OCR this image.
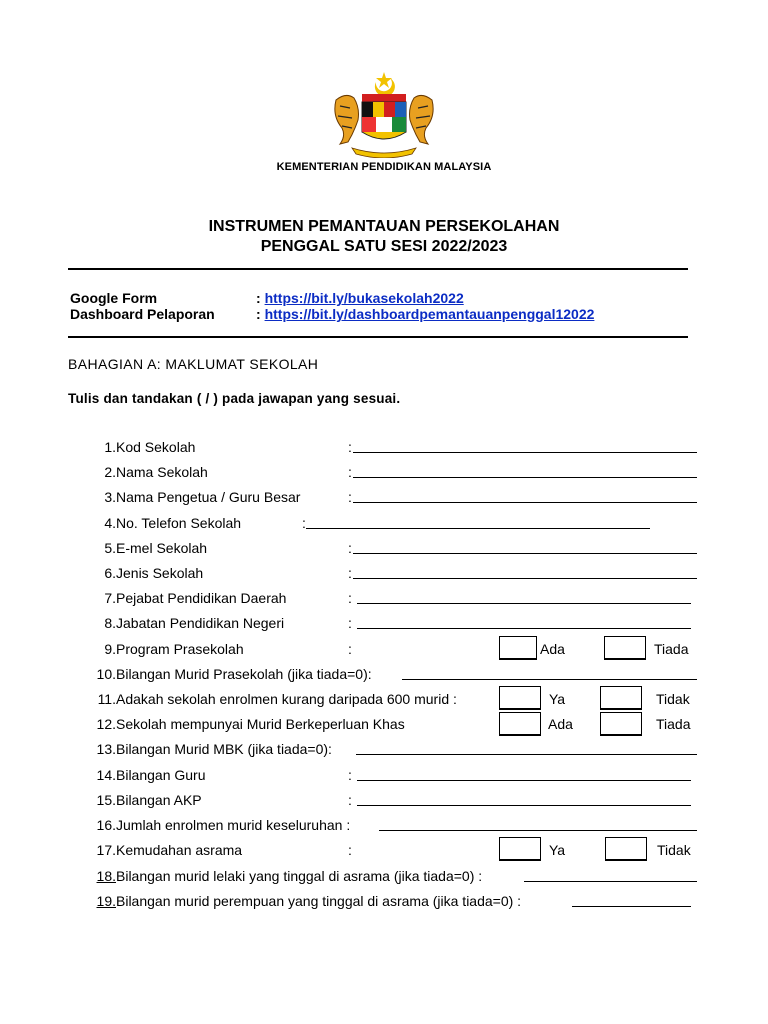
KEMENTERIAN PENDIDIKAN MALAYSIA
INSTRUMEN PEMANTAUAN PERSEKOLAHAN
PENGGAL SATU SESI 2022/2023
Google Form	: https://bit.ly/bukasekolah2022
Dashboard Pelaporan	: https://bit.ly/dashboardpemantauanpenggal12022
BAHAGIAN A: MAKLUMAT SEKOLAH
Tulis dan tandakan ( / ) pada jawapan yang sesuai.
1. Kod Sekolah	:
2. Nama Sekolah	:
3. Nama Pengetua / Guru Besar	:
4. No. Telefon Sekolah	:
5. E-mel Sekolah	:
6. Jenis Sekolah	:
7. Pejabat Pendidikan Daerah	:
8. Jabatan Pendidikan Negeri	:
9. Program Prasekolah	:	Ada	Tiada
10. Bilangan Murid Prasekolah (jika tiada=0):
11. Adakah sekolah enrolmen kurang daripada 600 murid :	Ya	Tidak
12. Sekolah mempunyai Murid Berkeperluan Khas	Ada	Tiada
13. Bilangan Murid MBK (jika tiada=0):
14. Bilangan Guru	:
15. Bilangan AKP	:
16. Jumlah enrolmen murid keseluruhan :
17. Kemudahan asrama	:	Ya	Tidak
18. Bilangan murid lelaki yang tinggal di asrama (jika tiada=0) :
19. Bilangan murid perempuan yang tinggal di asrama (jika tiada=0) :
